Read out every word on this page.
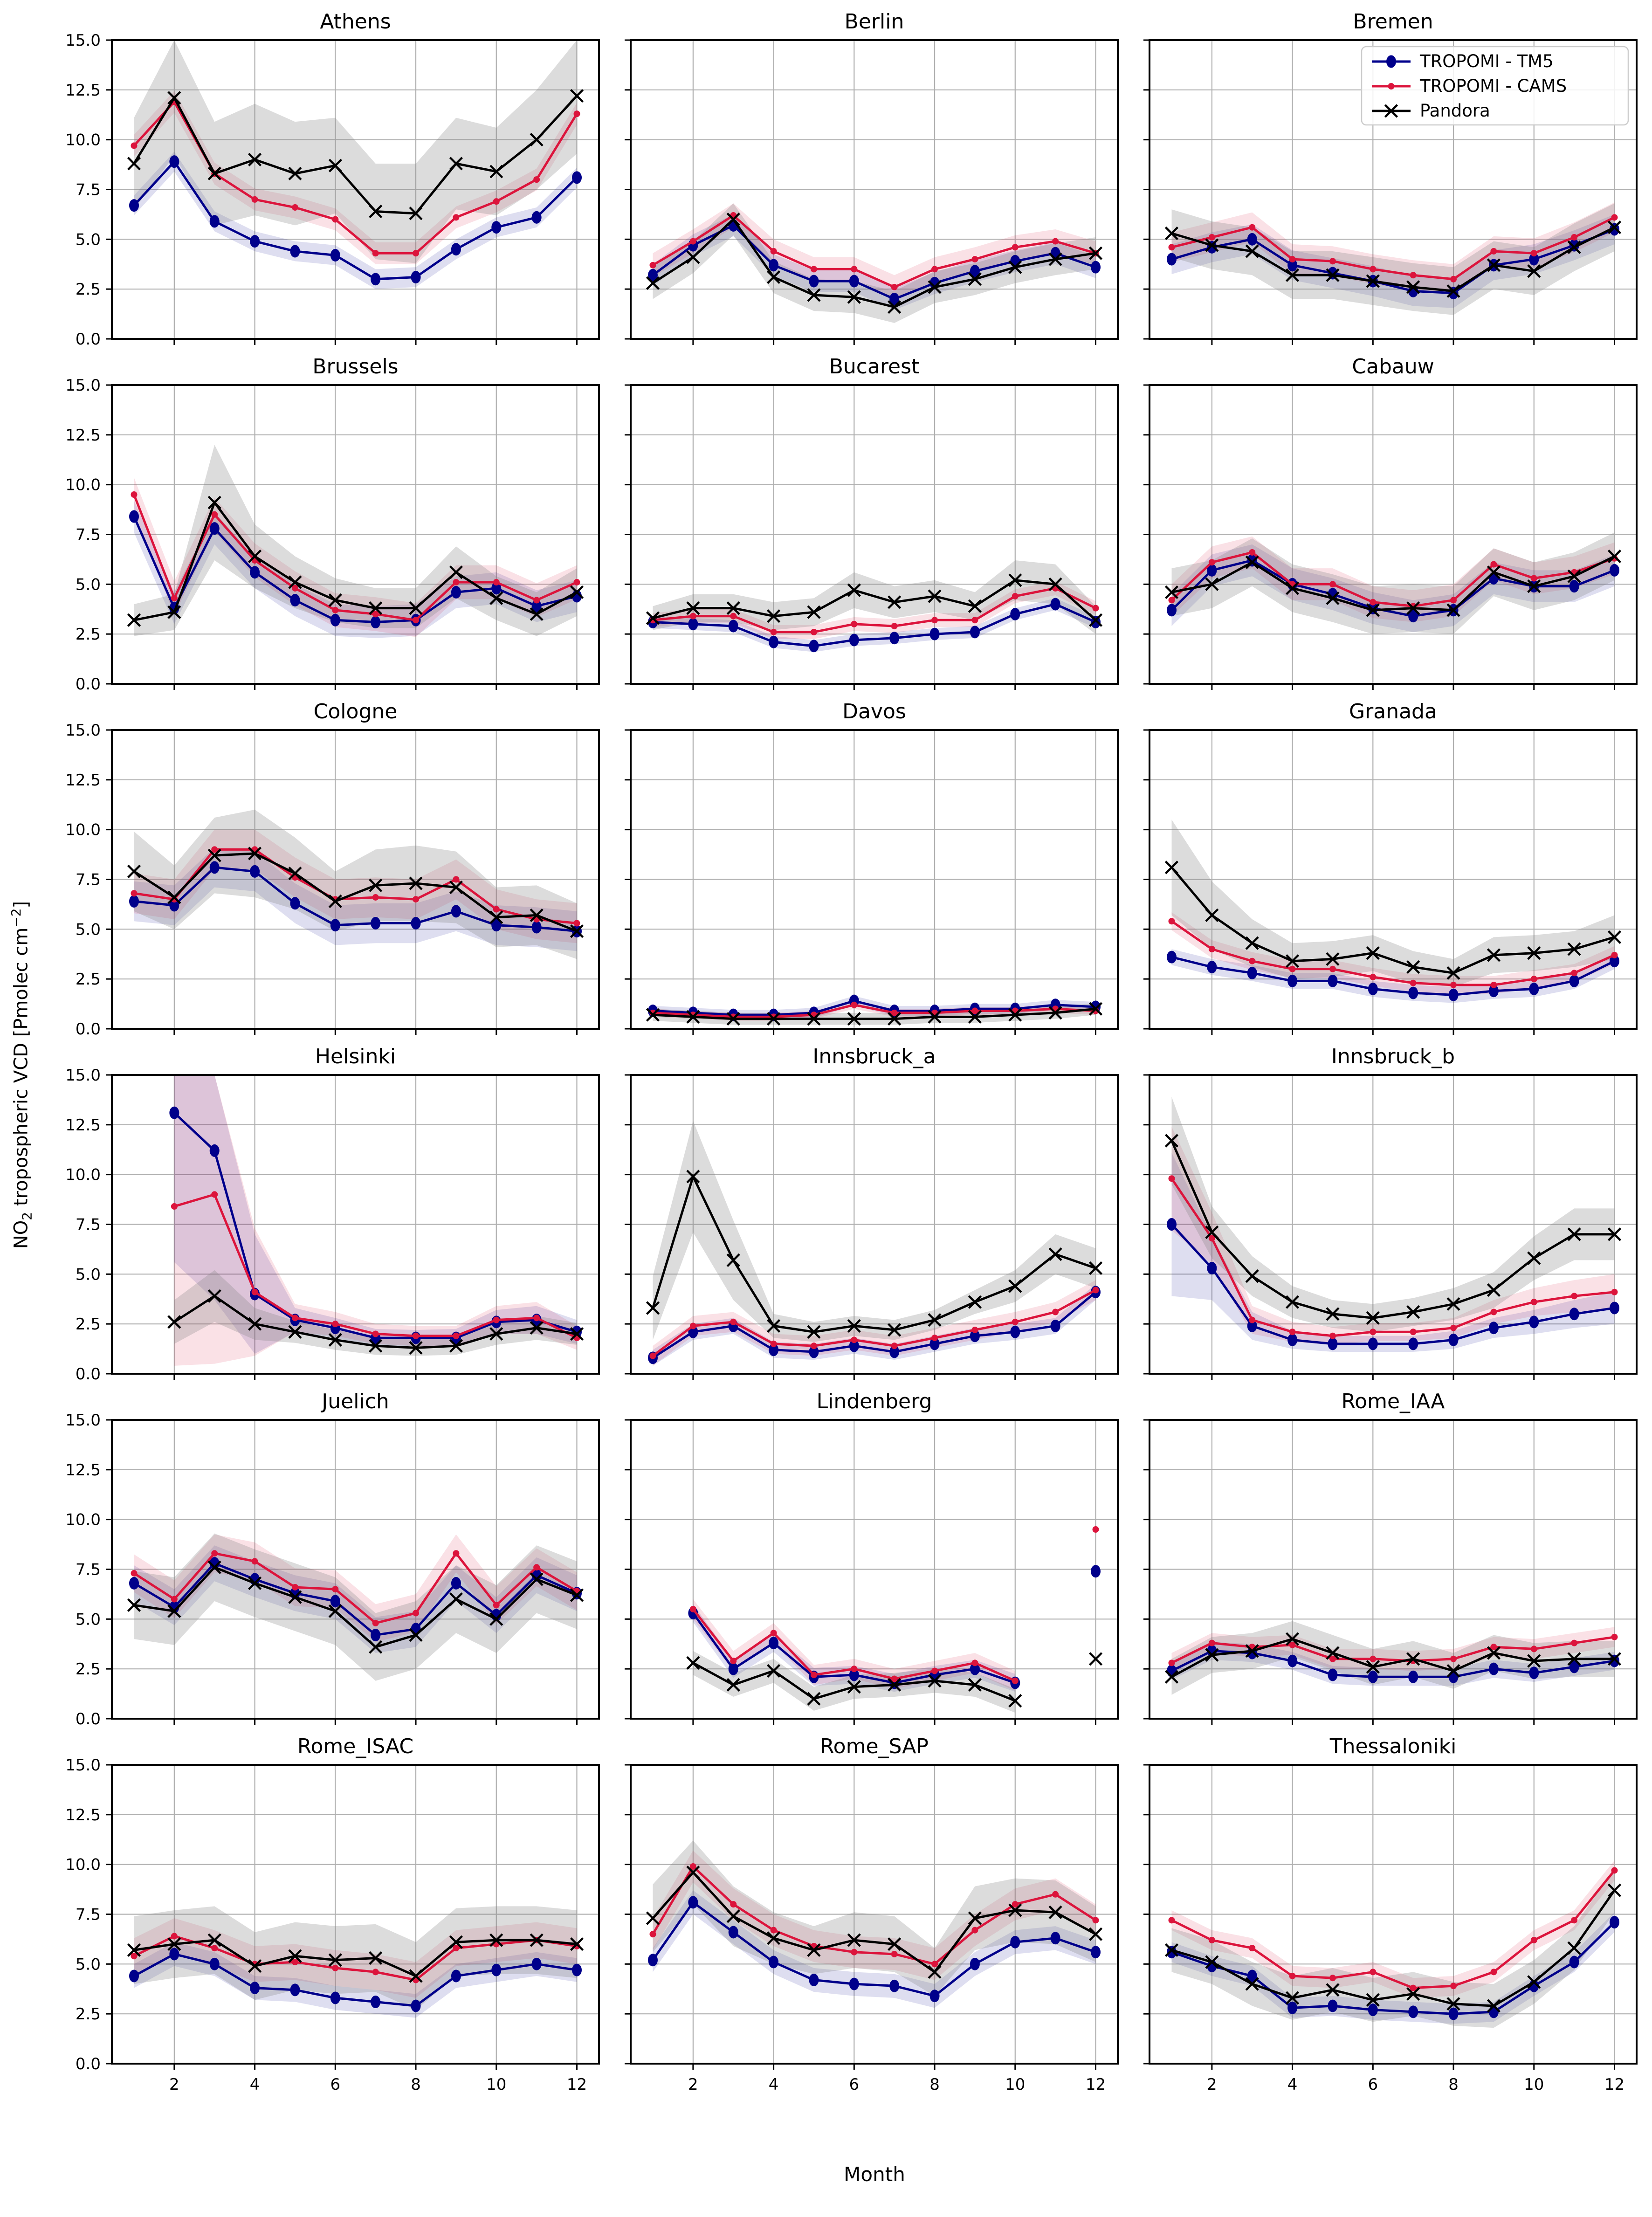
$NO_2$ tropospheric VCD [Pmolec $cm^{-2}$]
Athens
0.0
2.5
5.0
7.5
10.0
12.5
15.0
Berlin	Bremen
TROPOMI - TM5
TROPOMI - CAMS
Pandora
Brussels
0.0
2.5
5.0
7.5
10.0
12.5
15.0
Bucarest	Cabauw
Cologne
0.0
2.5
5.0
7.5
10.0
12.5
15.0
Davos	Granada
Helsinki
0.0
2.5
5.0
7.5
10.0
12.5
15.0
Innsbruck_a	Innsbruck_b
Juelich
0.0
2.5
5.0
7.5
10.0
12.5
15.0
Lindenberg	Rome_IAA
Rome_ISAC
0.0
2.5
5.0
7.5
10.0
12.5
15.0
2	4	6	8	10	12
Rome_SAP
2	4	6	8	10	12
Thessaloniki
2	4	6	8	10	12
Month
